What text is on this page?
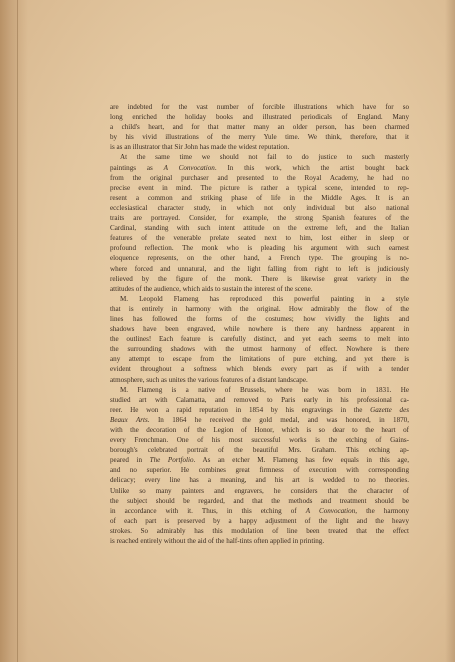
are indebted for the vast number of forcible illustrations which have for so

long enriched the holiday books and illustrated periodicals of England. Many

a child's heart, and for that matter many an older person, has been charmed

by his vivid illustrations of the merry Yule time. We think, therefore, that it

is as an illustrator that Sir John has made the widest reputation.

At the same time we should not fail to do justice to such masterly

paintings as A Convocation. In this work, which the artist bought back

from the original purchaser and presented to the Royal Academy, he had no

precise event in mind. The picture is rather a typical scene, intended to rep-

resent a common and striking phase of life in the Middle Ages. It is an

ecclesiastical character study, in which not only individual but also national

traits are portrayed. Consider, for example, the strong Spanish features of the

Cardinal, standing with such intent attitude on the extreme left, and the Italian

features of the venerable prelate seated next to him, lost either in sleep or

profound reflection. The monk who is pleading his argument with such earnest

eloquence represents, on the other hand, a French type. The grouping is no-

where forced and unnatural, and the light falling from right to left is judiciously

relieved by the figure of the monk. There is likewise great variety in the

attitudes of the audience, which aids to sustain the interest of the scene.

M. Leopold Flameng has reproduced this powerful painting in a style

that is entirely in harmony with the original. How admirably the flow of the

lines has followed the forms of the costumes; how vividly the lights and

shadows have been engraved, while nowhere is there any hardness apparent in

the outlines! Each feature is carefully distinct, and yet each seems to melt into

the surrounding shadows with the utmost harmony of effect. Nowhere is there

any attempt to escape from the limitations of pure etching, and yet there is

evident throughout a softness which blends every part as if with a tender

atmosphere, such as unites the various features of a distant landscape.

M. Flameng is a native of Brussels, where he was born in 1831. He

studied art with Calamatta, and removed to Paris early in his professional ca-

reer. He won a rapid reputation in 1854 by his engravings in the Gazette des

Beaux Arts. In 1864 he received the gold medal, and was honored, in 1870,

with the decoration of the Legion of Honor, which is so dear to the heart of

every Frenchman. One of his most successful works is the etching of Gains-

borough's celebrated portrait of the beautiful Mrs. Graham. This etching ap-

peared in The Portfolio. As an etcher M. Flameng has few equals in this age,

and no superior. He combines great firmness of execution with corresponding

delicacy; every line has a meaning, and his art is wedded to no theories.

Unlike so many painters and engravers, he considers that the character of

the subject should be regarded, and that the methods and treatment should be

in accordance with it. Thus, in this etching of A Convocation, the harmony

of each part is preserved by a happy adjustment of the light and the heavy

strokes. So admirably has this modulation of line been treated that the effect

is reached entirely without the aid of the half-tints often applied in printing.
